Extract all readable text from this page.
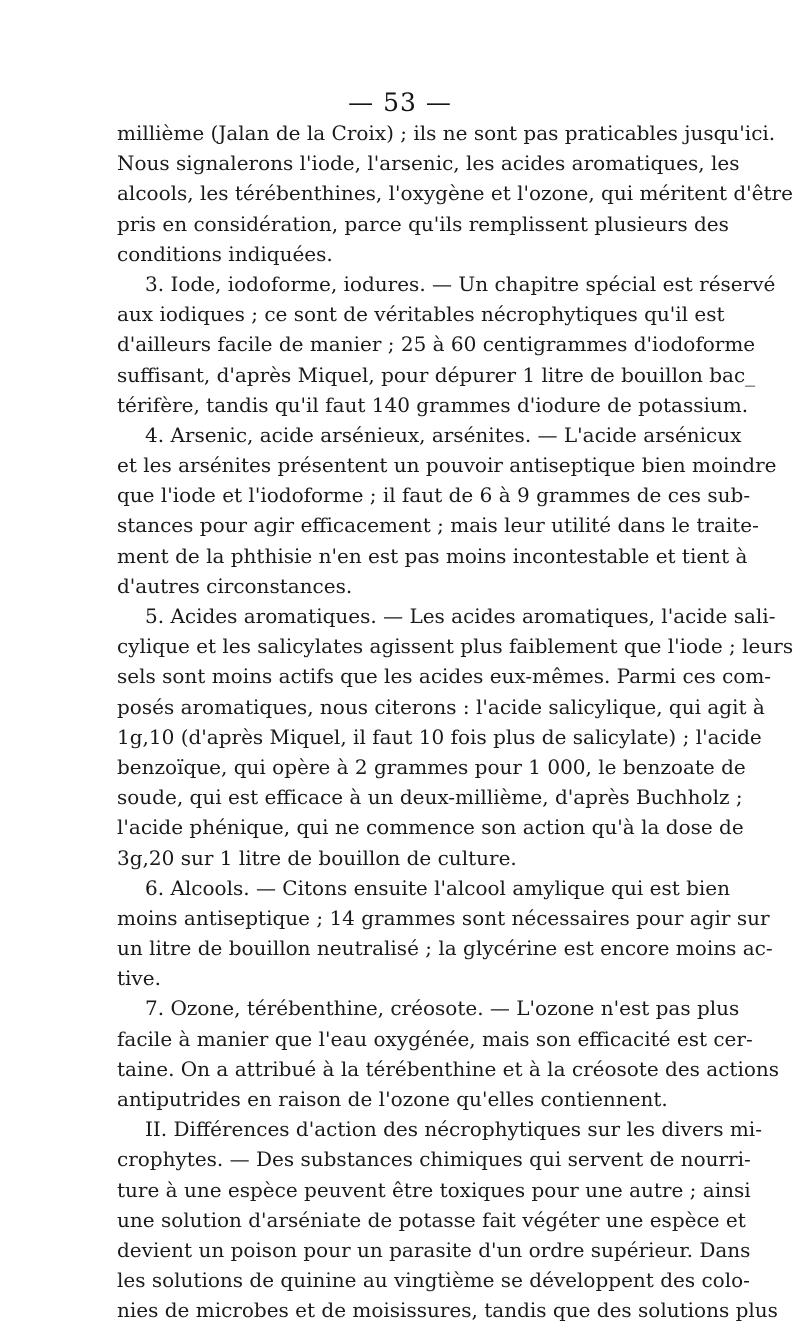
— 53 —
millième (Jalan de la Croix) ; ils ne sont pas praticables jusqu'ici.
Nous signalerons l'iode, l'arsenic, les acides aromatiques, les
alcools, les térébenthines, l'oxygène et l'ozone, qui méritent d'être
pris en considération, parce qu'ils remplissent plusieurs des
conditions indiquées.
3. Iode, iodoforme, iodures. — Un chapitre spécial est réservé
aux iodiques ; ce sont de véritables nécrophytiques qu'il est
d'ailleurs facile de manier ; 25 à 60 centigrammes d'iodoforme
suffisant, d'après Miquel, pour dépurer 1 litre de bouillon bac_
térifère, tandis qu'il faut 140 grammes d'iodure de potassium.
4. Arsenic, acide arsénieux, arsénites. — L'acide arsénicux
et les arsénites présentent un pouvoir antiseptique bien moindre
que l'iode et l'iodoforme ; il faut de 6 à 9 grammes de ces sub-
stances pour agir efficacement ; mais leur utilité dans le traite-
ment de la phthisie n'en est pas moins incontestable et tient à
d'autres circonstances.
5. Acides aromatiques. — Les acides aromatiques, l'acide sali-
cylique et les salicylates agissent plus faiblement que l'iode ; leurs
sels sont moins actifs que les acides eux-mêmes. Parmi ces com-
posés aromatiques, nous citerons : l'acide salicylique, qui agit à
1g,10 (d'après Miquel, il faut 10 fois plus de salicylate) ; l'acide
benzoïque, qui opère à 2 grammes pour 1 000, le benzoate de
soude, qui est efficace à un deux-millième, d'après Buchholz ;
l'acide phénique, qui ne commence son action qu'à la dose de
3g,20 sur 1 litre de bouillon de culture.
6. Alcools. — Citons ensuite l'alcool amylique qui est bien
moins antiseptique ; 14 grammes sont nécessaires pour agir sur
un litre de bouillon neutralisé ; la glycérine est encore moins ac-
tive.
7. Ozone, térébenthine, créosote. — L'ozone n'est pas plus
facile à manier que l'eau oxygénée, mais son efficacité est cer-
taine. On a attribué à la térébenthine et à la créosote des actions
antiputrides en raison de l'ozone qu'elles contiennent.
II. Différences d'action des nécrophytiques sur les divers mi-
crophytes. — Des substances chimiques qui servent de nourri-
ture à une espèce peuvent être toxiques pour une autre ; ainsi
une solution d'arséniate de potasse fait végéter une espèce et
devient un poison pour un parasite d'un ordre supérieur. Dans
les solutions de quinine au vingtième se développent des colo-
nies de microbes et de moisissures, tandis que des solutions plus
